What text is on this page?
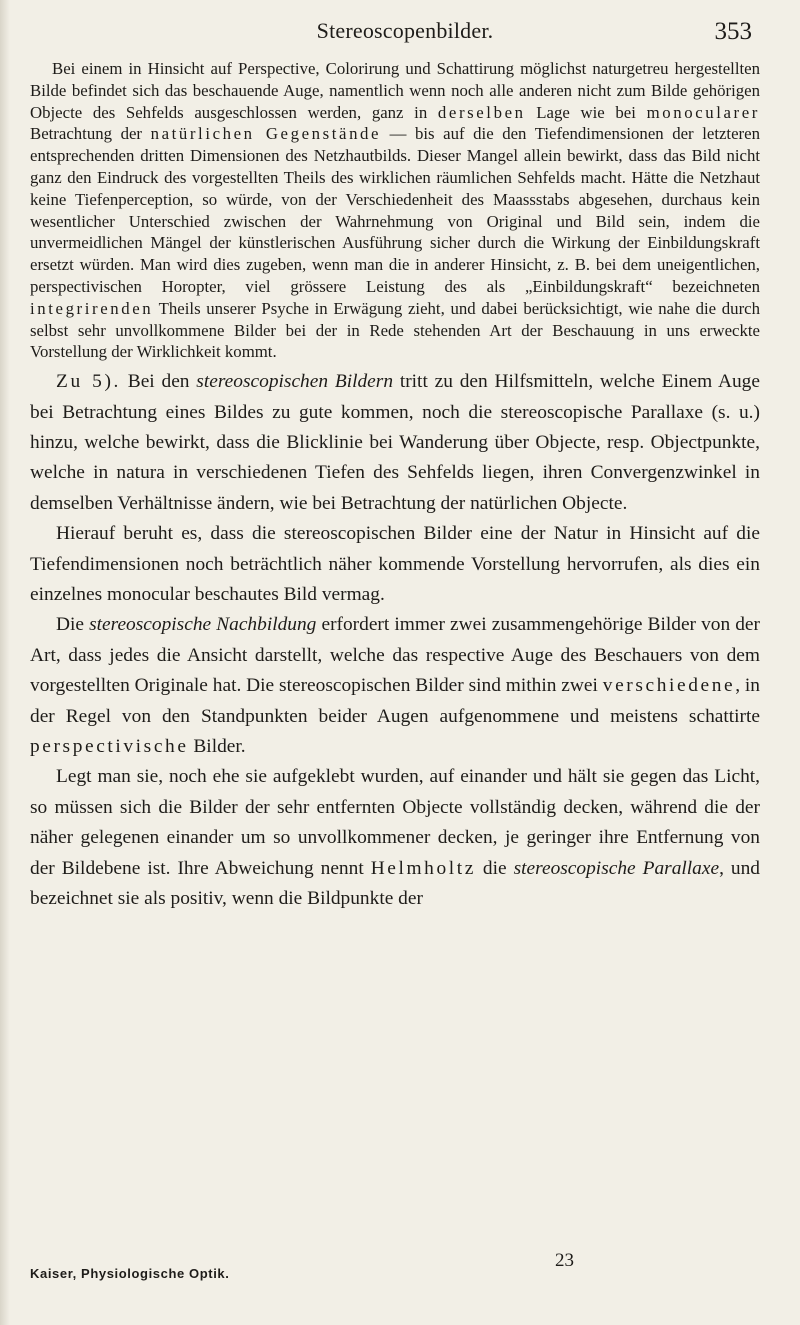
Stereoscopenbilder.	353

Bei einem in Hinsicht auf Perspective, Colorirung und Schattirung möglichst naturgetreu hergestellten Bilde befindet sich das beschauende Auge, namentlich wenn noch alle anderen nicht zum Bilde gehörigen Objecte des Sehfelds ausgeschlossen werden, ganz in derselben Lage wie bei monocularer Betrachtung der natürlichen Gegenstände — bis auf die den Tiefendimensionen der letzteren entsprechenden dritten Dimensionen des Netzhautbilds. Dieser Mangel allein bewirkt, dass das Bild nicht ganz den Eindruck des vorgestellten Theils des wirklichen räumlichen Sehfelds macht. Hätte die Netzhaut keine Tiefenperception, so würde, von der Verschiedenheit des Maassstabs abgesehen, durchaus kein wesentlicher Unterschied zwischen der Wahrnehmung von Original und Bild sein, indem die unvermeidlichen Mängel der künstlerischen Ausführung sicher durch die Wirkung der Einbildungskraft ersetzt würden. Man wird dies zugeben, wenn man die in anderer Hinsicht, z. B. bei dem uneigentlichen, perspectivischen Horopter, viel grössere Leistung des als „Einbildungskraft“ bezeichneten integrirenden Theils unserer Psyche in Erwägung zieht, und dabei berücksichtigt, wie nahe die durch selbst sehr unvollkommene Bilder bei der in Rede stehenden Art der Beschauung in uns erweckte Vorstellung der Wirklichkeit kommt.

Zu 5). Bei den stereoscopischen Bildern tritt zu den Hilfsmitteln, welche Einem Auge bei Betrachtung eines Bildes zu gute kommen, noch die stereoscopische Parallaxe (s. u.) hinzu, welche bewirkt, dass die Blicklinie bei Wanderung über Objecte, resp. Objectpunkte, welche in natura in verschiedenen Tiefen des Sehfelds liegen, ihren Convergenzwinkel in demselben Verhältnisse ändern, wie bei Betrachtung der natürlichen Objecte.

Hierauf beruht es, dass die stereoscopischen Bilder eine der Natur in Hinsicht auf die Tiefendimensionen noch beträchtlich näher kommende Vorstellung hervorrufen, als dies ein einzelnes monocular beschautes Bild vermag.

Die stereoscopische Nachbildung erfordert immer zwei zusammengehörige Bilder von der Art, dass jedes die Ansicht darstellt, welche das respective Auge des Beschauers von dem vorgestellten Originale hat. Die stereoscopischen Bilder sind mithin zwei verschiedene, in der Regel von den Standpunkten beider Augen aufgenommene und meistens schattirte perspectivische Bilder.

Legt man sie, noch ehe sie aufgeklebt wurden, auf einander und hält sie gegen das Licht, so müssen sich die Bilder der sehr entfernten Objecte vollständig decken, während die der näher gelegenen einander um so unvollkommener decken, je geringer ihre Entfernung von der Bildebene ist. Ihre Abweichung nennt Helmholtz die stereoscopische Parallaxe, und bezeichnet sie als positiv, wenn die Bildpunkte der

Kaiser, Physiologische Optik.
23
